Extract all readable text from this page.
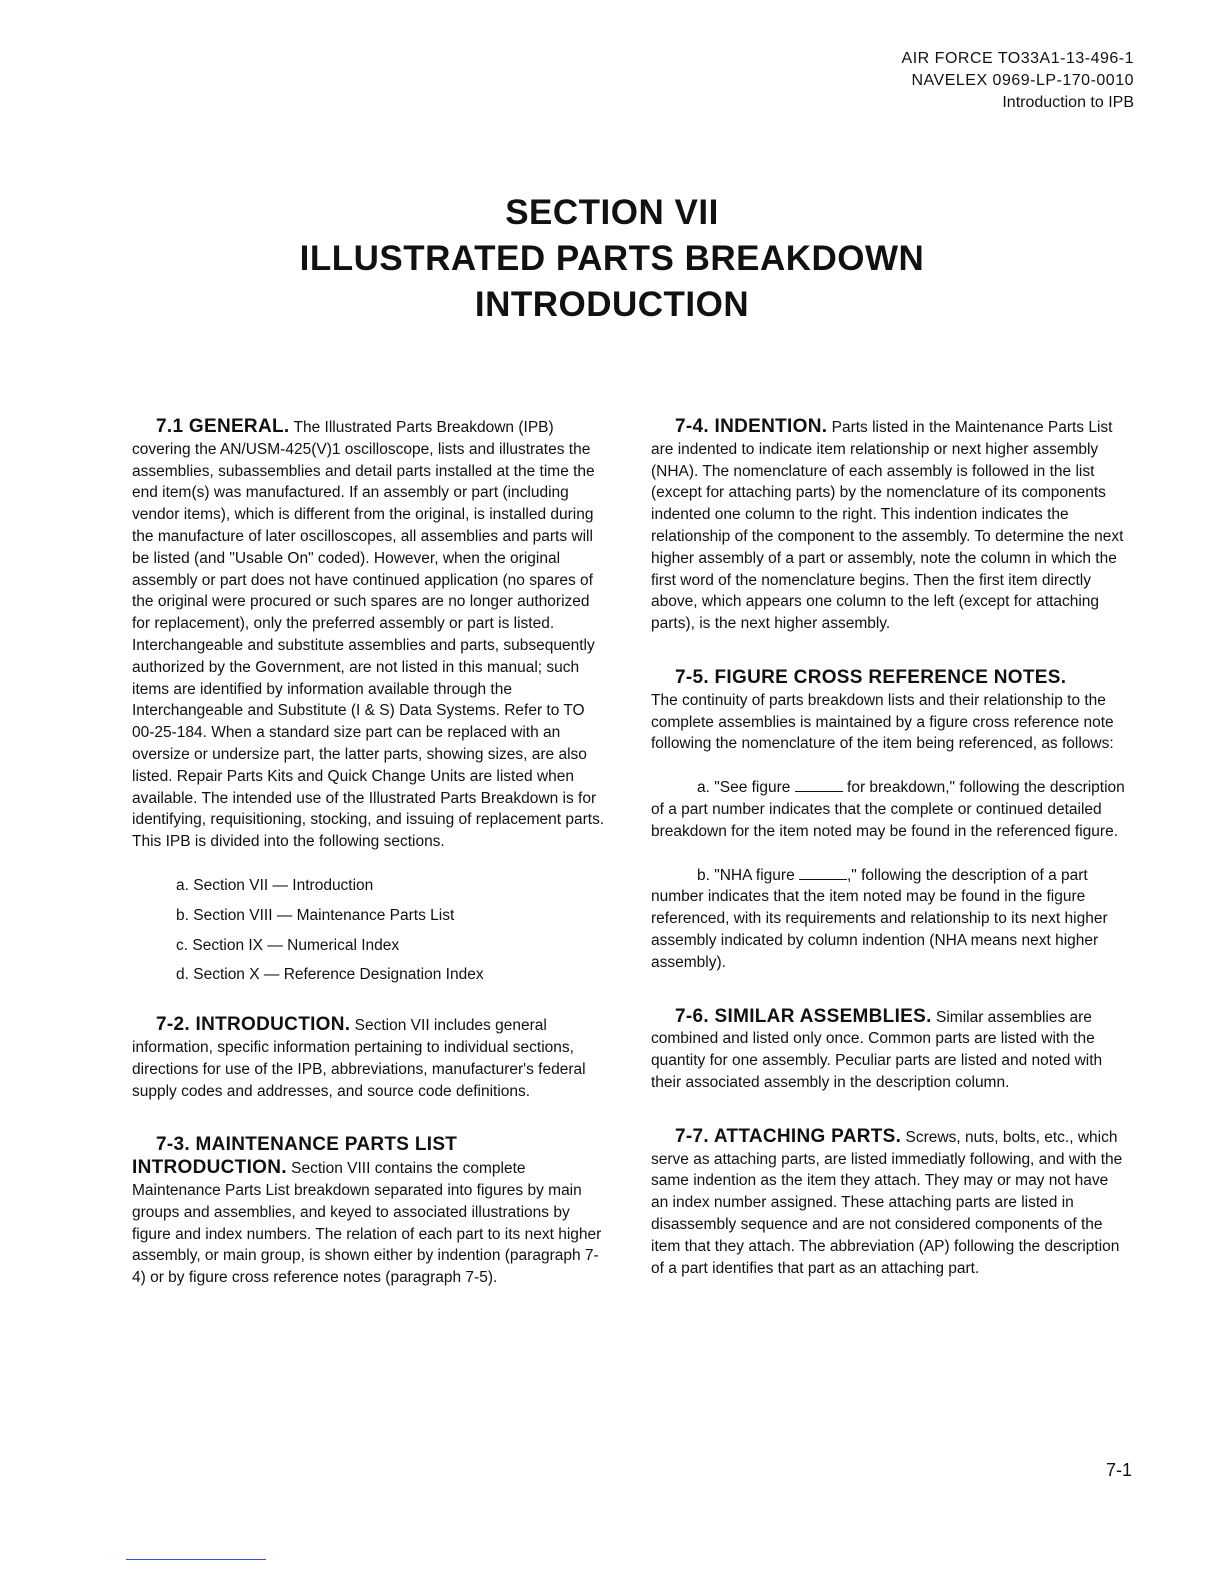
AIR FORCE TO33A1-13-496-1
NAVELEX 0969-LP-170-0010
Introduction to IPB
SECTION VII
ILLUSTRATED PARTS BREAKDOWN
INTRODUCTION

7.1 GENERAL. The Illustrated Parts Breakdown (IPB) covering the AN/USM-425(V)1 oscilloscope, lists and illustrates the assemblies, subassemblies and detail parts installed at the time the end item(s) was manufactured. If an assembly or part (including vendor items), which is different from the original, is installed during the manufacture of later oscilloscopes, all assemblies and parts will be listed (and "Usable On" coded). However, when the original assembly or part does not have continued application (no spares of the original were procured or such spares are no longer authorized for replacement), only the preferred assembly or part is listed. Interchangeable and substitute assemblies and parts, subsequently authorized by the Government, are not listed in this manual; such items are identified by information available through the Interchangeable and Substitute (I & S) Data Systems. Refer to TO 00-25-184. When a standard size part can be replaced with an oversize or undersize part, the latter parts, showing sizes, are also listed. Repair Parts Kits and Quick Change Units are listed when available. The intended use of the Illustrated Parts Breakdown is for identifying, requisitioning, stocking, and issuing of replacement parts. This IPB is divided into the following sections.

a. Section VII — Introduction
b. Section VIII — Maintenance Parts List
c. Section IX — Numerical Index
d. Section X — Reference Designation Index

7-2. INTRODUCTION. Section VII includes general information, specific information pertaining to individual sections, directions for use of the IPB, abbreviations, manufacturer's federal supply codes and addresses, and source code definitions.

7-3. MAINTENANCE PARTS LIST INTRODUCTION. Section VIII contains the complete Maintenance Parts List breakdown separated into figures by main groups and assemblies, and keyed to associated illustrations by figure and index numbers. The relation of each part to its next higher assembly, or main group, is shown either by indention (paragraph 7-4) or by figure cross reference notes (paragraph 7-5).

7-4. INDENTION. Parts listed in the Maintenance Parts List are indented to indicate item relationship or next higher assembly (NHA). The nomenclature of each assembly is followed in the list (except for attaching parts) by the nomenclature of its components indented one column to the right. This indention indicates the relationship of the component to the assembly. To determine the next higher assembly of a part or assembly, note the column in which the first word of the nomenclature begins. Then the first item directly above, which appears one column to the left (except for attaching parts), is the next higher assembly.

7-5. FIGURE CROSS REFERENCE NOTES.
The continuity of parts breakdown lists and their relationship to the complete assemblies is maintained by a figure cross reference note following the nomenclature of the item being referenced, as follows:

a. "See figure	for breakdown," following the description of a part number indicates that the complete or continued detailed breakdown for the item noted may be found in the referenced figure.

b. "NHA figure	," following the description of a part number indicates that the item noted may be found in the figure referenced, with its requirements and relationship to its next higher assembly indicated by column indention (NHA means next higher assembly).

7-6. SIMILAR ASSEMBLIES. Similar assemblies are combined and listed only once. Common parts are listed with the quantity for one assembly. Peculiar parts are listed and noted with their associated assembly in the description column.

7-7. ATTACHING PARTS. Screws, nuts, bolts, etc., which serve as attaching parts, are listed immediatly following, and with the same indention as the item they attach. They may or may not have an index number assigned. These attaching parts are listed in disassembly sequence and are not considered components of the item that they attach. The abbreviation (AP) following the description of a part identifies that part as an attaching part.

7-1
